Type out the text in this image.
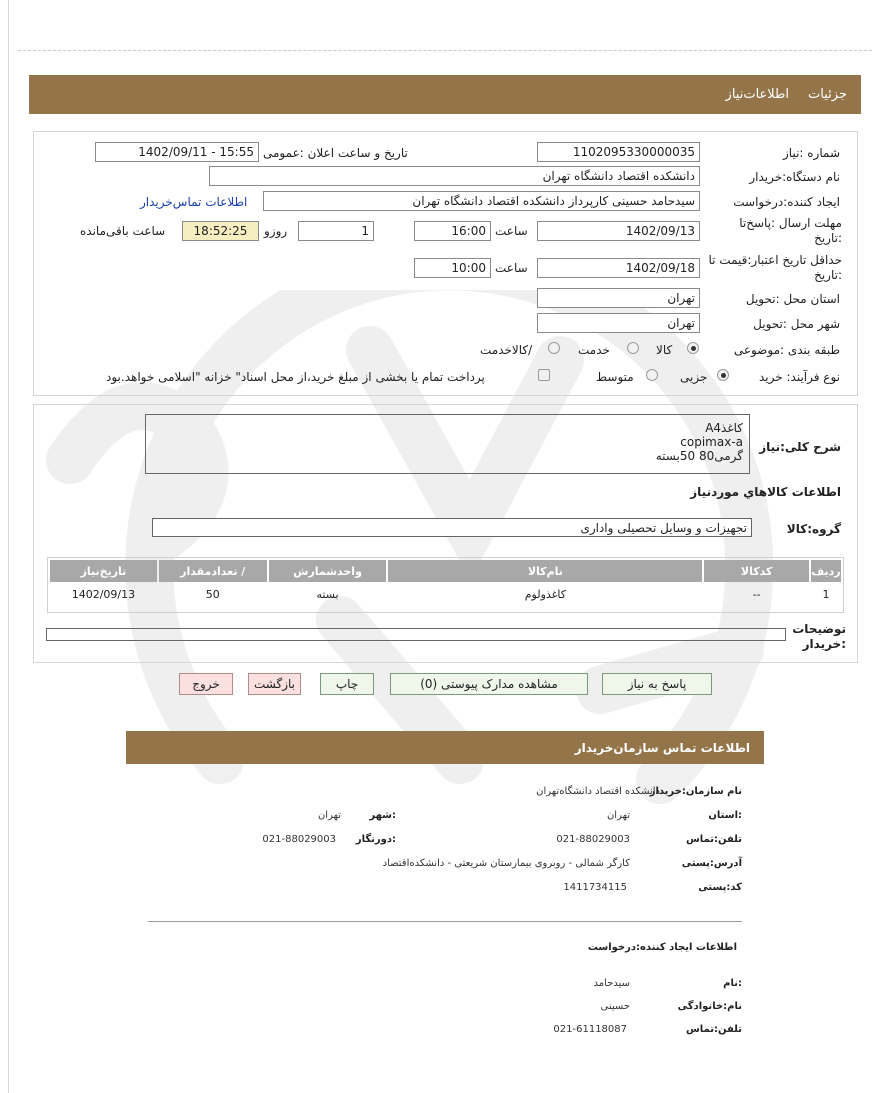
جزئیات
اطلاعات‌نیاز
شماره :نیاز
1102095330000035
تاریخ و ساعت اعلان :عمومی
1402/09/11 - 15:55
نام دستگاه:خریدار
دانشکده اقتصاد دانشگاه تهران
ایجاد کننده:درخواست
سیدحامد حسینی کارپرداز دانشکده اقتصاد دانشگاه تهران
اطلاعات تماس‌خریدار
مهلت ارسال :پاسخ‌تا :تاریخ
1402/09/13
ساعت
16:00
1
روزو
18:52:25
ساعت باقی‌مانده
حداقل تاریخ اعتبار:قیمت تا :تاریخ
1402/09/18
ساعت
10:00
استان محل :تحویل
تهران
شهر محل :تحویل
تهران
طبقه بندی :موضوعی
کالا
خدمت
/کالاخدمت
نوع فرآیند: خرید
جزیی
متوسط
پرداخت تمام یا بخشی از مبلغ خرید،از محل اسناد" خزانه "اسلامی خواهد.بود
شرح کلی:نیاز
کاغذA4
copimax-a
گرمی80 50بسته
اطلاعات کالاهاي موردنياز
گروه:کالا
تجهیزات و وسایل تحصیلی واداری
ردیف	کدکالا	نام‌کالا	واحدشمارش	/ تعدادمقدار	تاریخ‌نیاز
1	--	کاغذ‌ولوم	بسته	50	1402/09/13
توضیحات :خریدار
پاسخ به نیاز
مشاهده مدارک پیوستی (0)
چاپ
بازگشت
خروج
اطلاعات تماس سازمان‌خریدار
نام سازمان:خریدار
دانشکده اقتصاد دانشگاه‌تهران
:استان
تهران
:شهر
تهران
تلفن:تماس
021-88029003
:دورنگار
021-88029003
آدرس:پستی
کارگر شمالی - روبروی بیمارستان شریعتی - دانشکده‌اقتصاد
کد:پستی
1411734115
اطلاعات ایجاد کننده:درخواست
:نام
سیدحامد
نام:خانوادگی
حسینی
تلفن:تماس
021-61118087
